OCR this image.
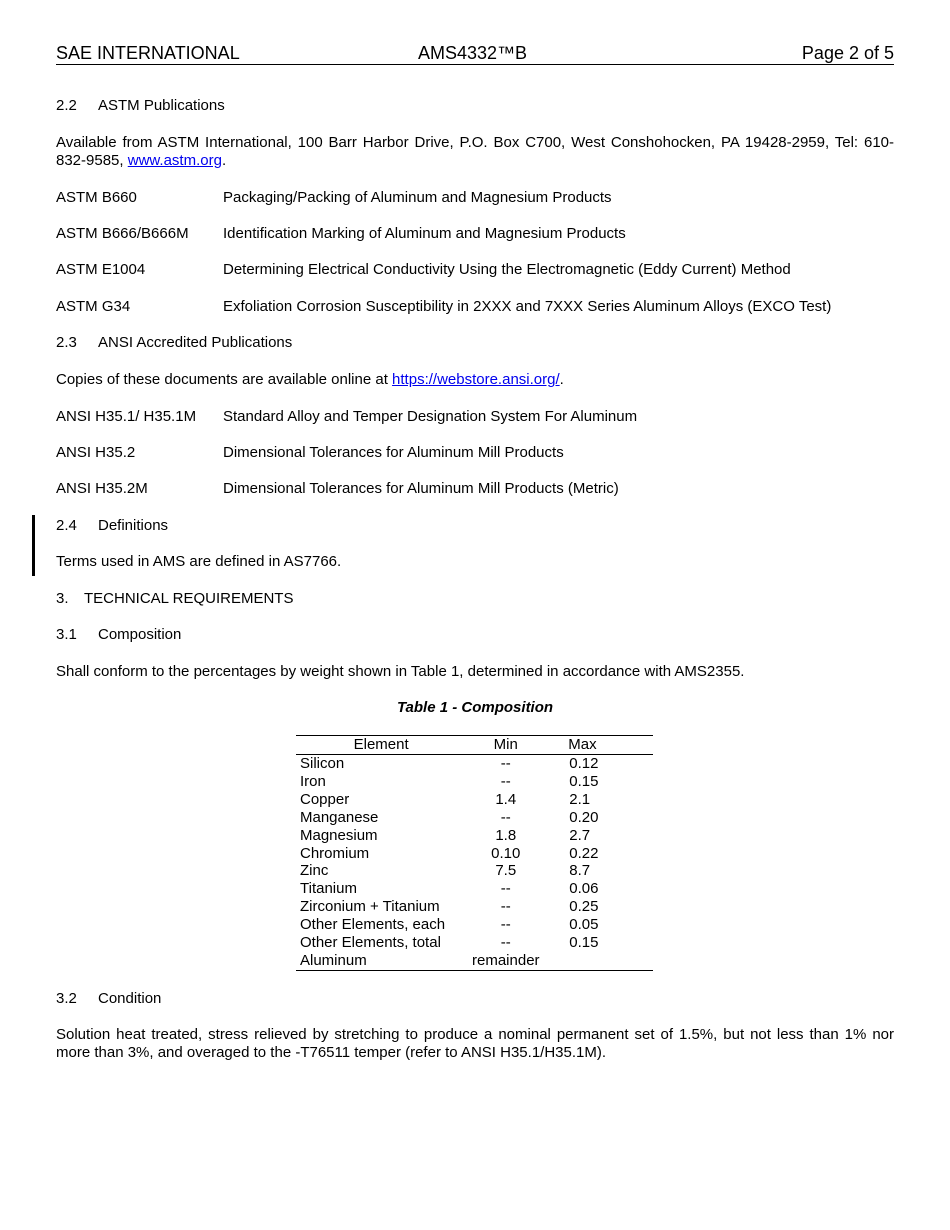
SAE INTERNATIONAL	AMS4332™B	Page 2 of 5
2.2 ASTM Publications
Available from ASTM International, 100 Barr Harbor Drive, P.O. Box C700, West Conshohocken, PA 19428-2959, Tel: 610-832-9585, www.astm.org.
ASTM B660	Packaging/Packing of Aluminum and Magnesium Products
ASTM B666/B666M Identification Marking of Aluminum and Magnesium Products
ASTM E1004	Determining Electrical Conductivity Using the Electromagnetic (Eddy Current) Method
ASTM G34	Exfoliation Corrosion Susceptibility in 2XXX and 7XXX Series Aluminum Alloys (EXCO Test)
2.3 ANSI Accredited Publications
Copies of these documents are available online at https://webstore.ansi.org/.
ANSI H35.1/ H35.1M Standard Alloy and Temper Designation System For Aluminum
ANSI H35.2	Dimensional Tolerances for Aluminum Mill Products
ANSI H35.2M	Dimensional Tolerances for Aluminum Mill Products (Metric)
2.4 Definitions
Terms used in AMS are defined in AS7766.
3. TECHNICAL REQUIREMENTS
3.1 Composition
Shall conform to the percentages by weight shown in Table 1, determined in accordance with AMS2355.
Table 1 - Composition
Element	Min	Max
Silicon	--	0.12
Iron	--	0.15
Copper	1.4	2.1
Manganese	--	0.20
Magnesium	1.8	2.7
Chromium	0.10	0.22
Zinc	7.5	8.7
Titanium	--	0.06
Zirconium + Titanium	--	0.25
Other Elements, each	--	0.05
Other Elements, total	--	0.15
Aluminum	remainder	
3.2 Condition
Solution heat treated, stress relieved by stretching to produce a nominal permanent set of 1.5%, but not less than 1% nor more than 3%, and overaged to the -T76511 temper (refer to ANSI H35.1/H35.1M).
